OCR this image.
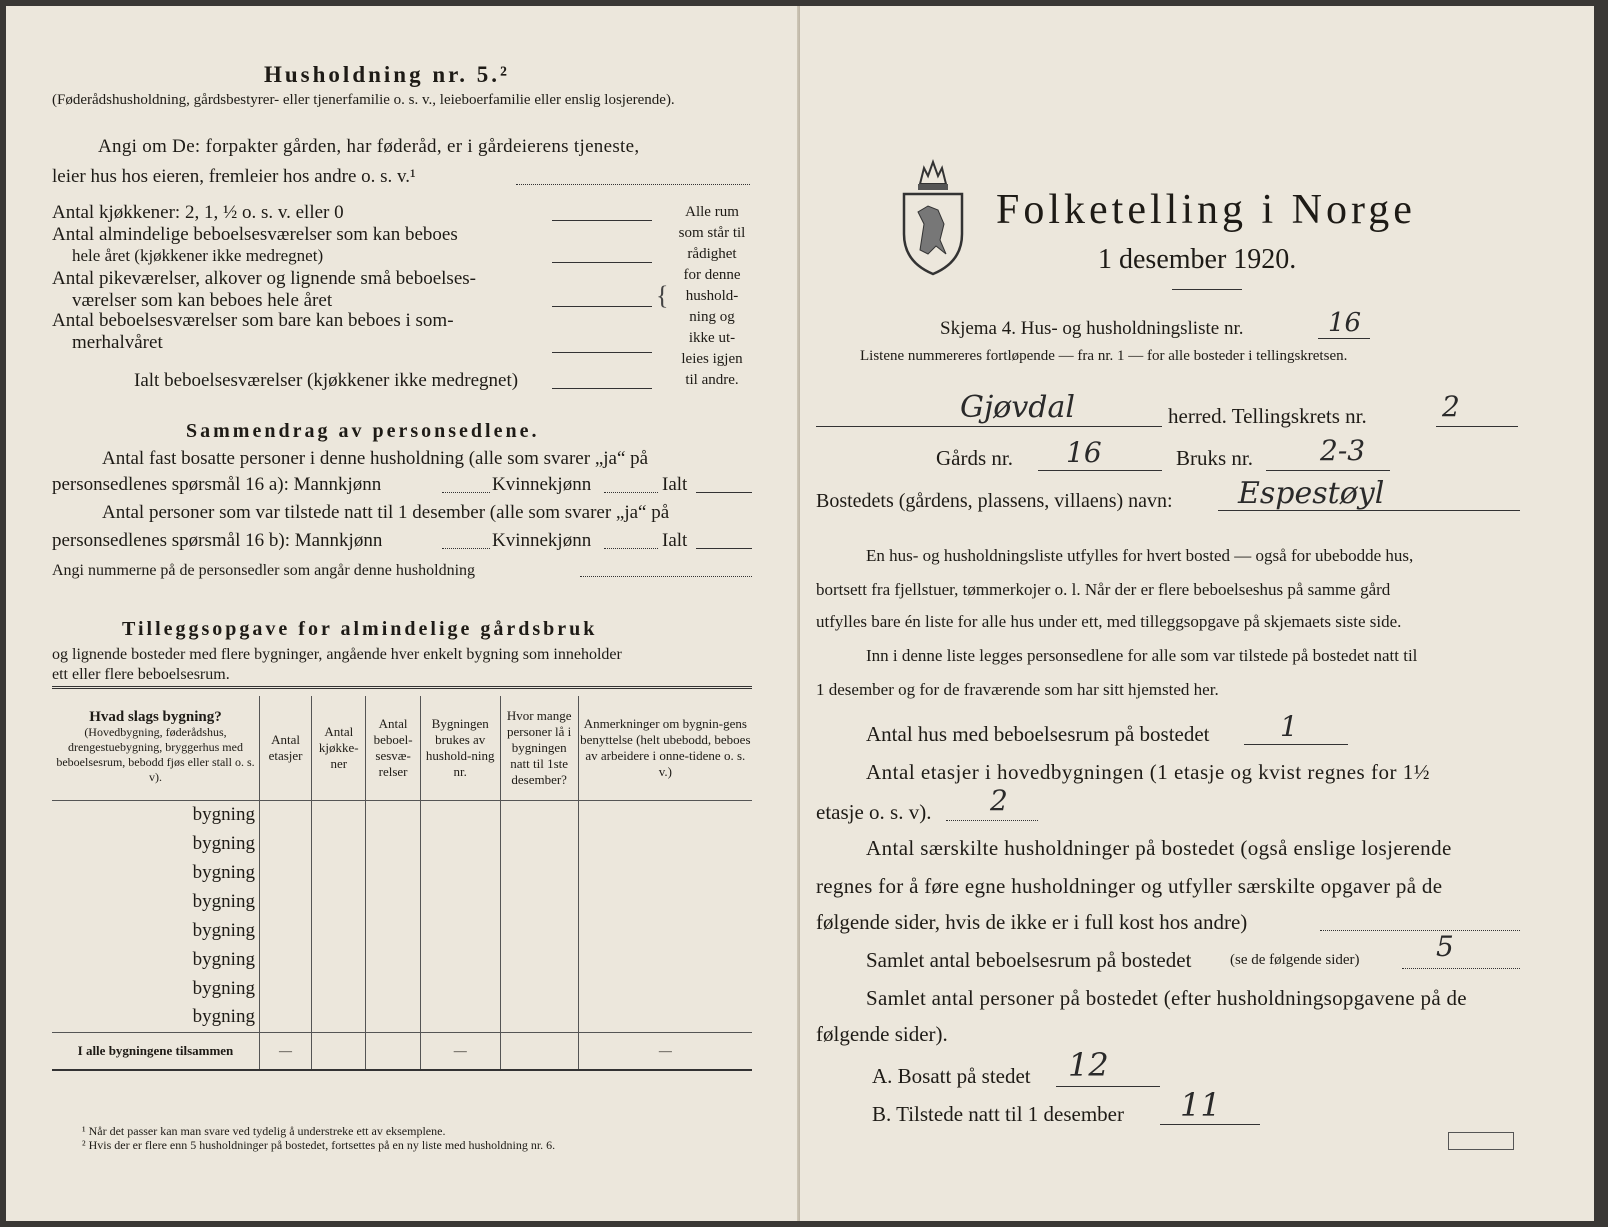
Husholdning nr. 5.²
(Føderådshusholdning, gårdsbestyrer- eller tjenerfamilie o. s. v., leieboerfamilie eller enslig losjerende).
Angi om De: forpakter gården, har føderåd, er i gårdeierens tjeneste,
leier hus hos eieren, fremleier hos andre o. s. v.¹
Antal kjøkkener: 2, 1, ½ o. s. v. eller 0
Antal almindelige beboelsesværelser som kan beboes
hele året (kjøkkener ikke medregnet)
Antal pikeværelser, alkover og lignende små beboelses-
værelser som kan beboes hele året
Antal beboelsesværelser som bare kan beboes i som-
merhalvåret
Ialt beboelsesværelser (kjøkkener ikke medregnet)
{
Alle rum
som står til
rådighet
for denne
hushold-
ning og
ikke ut-
leies igjen
til andre.
Sammendrag av personsedlene.
Antal fast bosatte personer i denne husholdning (alle som svarer „ja“ på
personsedlenes spørsmål 16 a): Mannkjønn	Kvinnekjønn	Ialt
Antal personer som var tilstede natt til 1 desember (alle som svarer „ja“ på
personsedlenes spørsmål 16 b): Mannkjønn	Kvinnekjønn	Ialt
Angi nummerne på de personsedler som angår denne husholdning
Tilleggsopgave for almindelige gårdsbruk
og lignende bosteder med flere bygninger, angående hver enkelt bygning som inneholder
ett eller flere beboelsesrum.
Hvad slags bygning?
(Hovedbygning, føderådshus, drengestuebygning, bryggerhus med beboelsesrum, bebodd fjøs eller stall o. s. v).	Antal etasjer	Antal kjøkke-ner	Antal beboel-sesvæ-relser	Bygningen brukes av hushold-ning nr.	Hvor mange personer lå i bygningen natt til 1ste desember?	Anmerkninger om bygnin-gens benyttelse (helt ubebodd, beboes av arbeidere i onne-tidene o. s. v.)
bygning						
bygning						
bygning						
bygning						
bygning						
bygning						
bygning						
bygning						
I alle bygningene tilsammen	—			—		—
¹ Når det passer kan man svare ved tydelig å understreke ett av eksemplene.
² Hvis der er flere enn 5 husholdninger på bostedet, fortsettes på en ny liste med husholdning nr. 6.
Folketelling i Norge
1 desember 1920.
Skjema 4. Hus- og husholdningsliste nr.	16
Listene nummereres fortløpende — fra nr. 1 — for alle bosteder i tellingskretsen.
Gjøvdal	herred. Tellingskrets nr.	2
Gårds nr. 16	Bruks nr. 2-3
Bostedets (gårdens, plassens, villaens) navn: Espestøyl
En hus- og husholdningsliste utfylles for hvert bosted — også for ubebodde hus,
bortsett fra fjellstuer, tømmerkojer o. l. Når der er flere beboelseshus på samme gård
utfylles bare én liste for alle hus under ett, med tilleggsopgave på skjemaets siste side.
Inn i denne liste legges personsedlene for alle som var tilstede på bostedet natt til
1 desember og for de fraværende som har sitt hjemsted her.
Antal hus med beboelsesrum på bostedet	1
Antal etasjer i hovedbygningen (1 etasje og kvist regnes for 1½
etasje o. s. v). 2
Antal særskilte husholdninger på bostedet (også enslige losjerende
regnes for å føre egne husholdninger og utfyller særskilte opgaver på de
følgende sider, hvis de ikke er i full kost hos andre)
Samlet antal beboelsesrum på bostedet	(se de følgende sider)	5
Samlet antal personer på bostedet (efter husholdningsopgavene på de
følgende sider).
A. Bosatt på stedet 12
B. Tilstede natt til 1 desember 11
